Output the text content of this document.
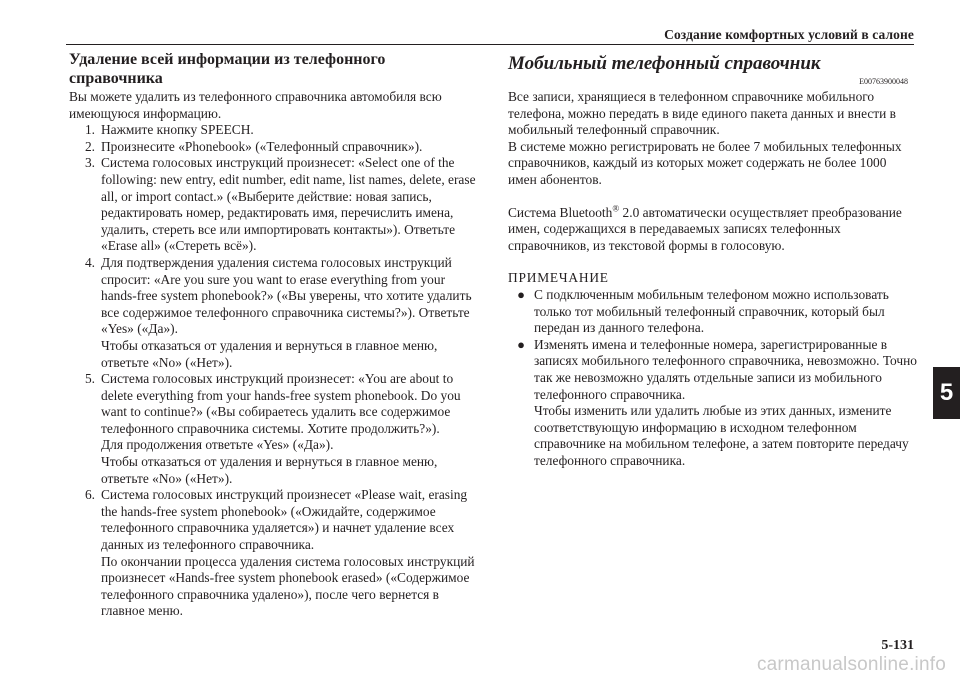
Создание комфортных условий в салоне
Удаление всей информации из телефонного справочника

Вы можете удалить из телефонного справочника автомобиля всю имеющуюся информацию.

1. Нажмите кнопку SPEECH.

2. Произнесите «Phonebook» («Телефонный справочник»).

3. Система голосовых инструкций произнесет: «Select one of the following: new entry, edit number, edit name, list names, delete, erase all, or import contact.» («Выберите действие: новая запись, редактировать номер, редактировать имя, перечислить имена, удалить, стереть все или импортировать контакты»). Ответьте «Erase all» («Стереть всё»).

4. Для подтверждения удаления система голосовых инструкций спросит: «Are you sure you want to erase everything from your hands-free system phonebook?» («Вы уверены, что хотите удалить все содержимое телефонного справочника системы?»). Ответьте «Yes» («Да»).

Чтобы отказаться от удаления и вернуться в главное меню, ответьте «No» («Нет»).

5. Система голосовых инструкций произнесет: «You are about to delete everything from your hands-free system phonebook. Do you want to continue?» («Вы собираетесь удалить все содержимое телефонного справочника системы. Хотите продолжить?»).

Для продолжения ответьте «Yes» («Да»).

Чтобы отказаться от удаления и вернуться в главное меню, ответьте «No» («Нет»).

6. Система голосовых инструкций произнесет «Please wait, erasing the hands-free system phonebook» («Ожидайте, содержимое телефонного справочника удаляется») и начнет удаление всех данных из телефонного справочника.

По окончании процесса удаления система голосовых инструкций произнесет «Hands-free system phonebook erased» («Содержимое телефонного справочника удалено»), после чего вернется в главное меню.

Мобильный телефонный справочник
E00763900048

Все записи, хранящиеся в телефонном справочнике мобильного телефона, можно передать в виде единого пакета данных и внести в мобильный телефонный справочник.

В системе можно регистрировать не более 7 мобильных телефонных справочников, каждый из которых может содержать не более 1000 имен абонентов.

Система Bluetooth® 2.0 автоматически осуществляет преобразование имен, содержащихся в передаваемых записях телефонных справочников, из текстовой формы в голосовую.

ПРИМЕЧАНИЕ

● С подключенным мобильным телефоном можно использовать только тот мобильный телефонный справочник, который был передан из данного телефона.

● Изменять имена и телефонные номера, зарегистрированные в записях мобильного телефонного справочника, невозможно. Точно так же невозможно удалять отдельные записи из мобильного телефонного справочника.

Чтобы изменить или удалить любые из этих данных, измените соответствующую информацию в исходном телефонном справочнике на мобильном телефоне, а затем повторите передачу телефонного справочника.

5
5-131
carmanualsonline.info
